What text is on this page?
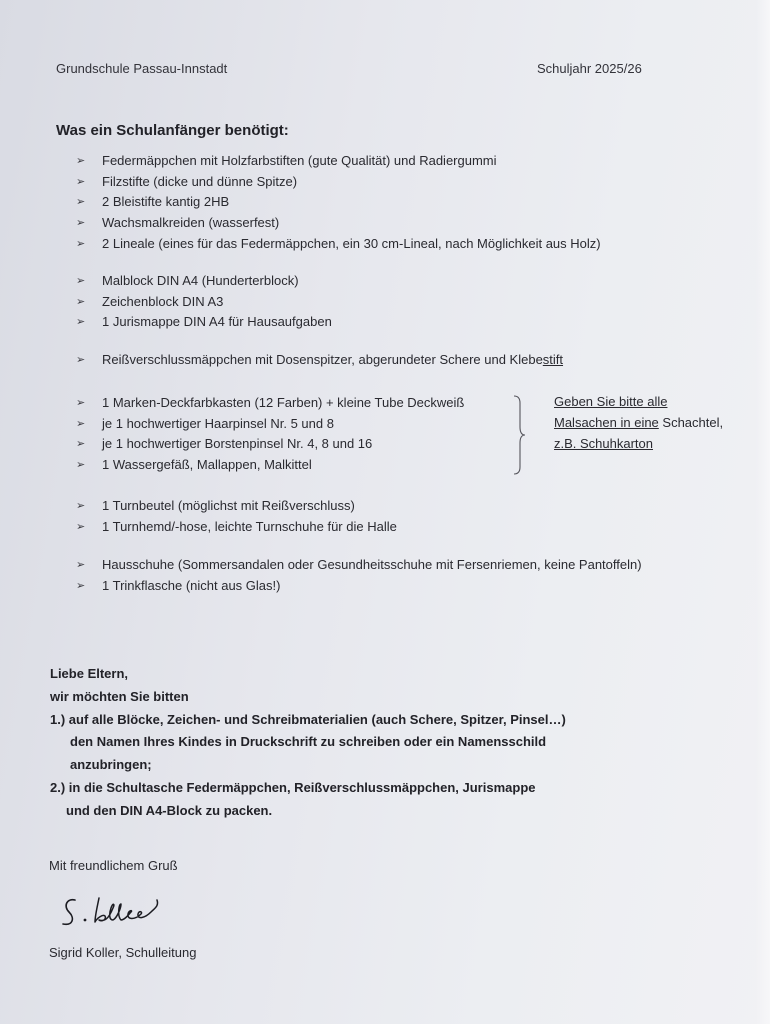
Grundschule Passau-Innstadt	Schuljahr 2025/26
Was ein Schulanfänger benötigt:
➢ Federmäppchen mit Holzfarbstiften (gute Qualität) und Radiergummi
➢ Filzstifte (dicke und dünne Spitze)
➢ 2 Bleistifte kantig 2HB
➢ Wachsmalkreiden (wasserfest)
➢ 2 Lineale (eines für das Federmäppchen, ein 30 cm-Lineal, nach Möglichkeit aus Holz)
➢ Malblock DIN A4 (Hunderterblock)
➢ Zeichenblock DIN A3
➢ 1 Jurismappe DIN A4 für Hausaufgaben
➢ Reißverschlussmäppchen mit Dosenspitzer, abgerundeter Schere und Klebestift
➢ 1 Marken-Deckfarbkasten (12 Farben) + kleine Tube Deckweiß
➢ je 1 hochwertiger Haarpinsel Nr. 5 und 8
➢ je 1 hochwertiger Borstenpinsel Nr. 4, 8 und 16
➢ 1 Wassergefäß, Mallappen, Malkittel
Geben Sie bitte alle
Malsachen in eine Schachtel,
z.B. Schuhkarton
➢ 1 Turnbeutel (möglichst mit Reißverschluss)
➢ 1 Turnhemd/-hose, leichte Turnschuhe für die Halle
➢ Hausschuhe (Sommersandalen oder Gesundheitsschuhe mit Fersenriemen, keine Pantoffeln)
➢ 1 Trinkflasche (nicht aus Glas!)
Liebe Eltern,
wir möchten Sie bitten
1.) auf alle Blöcke, Zeichen- und Schreibmaterialien (auch Schere, Spitzer, Pinsel…)
den Namen Ihres Kindes in Druckschrift zu schreiben oder ein Namensschild
anzubringen;
2.) in die Schultasche Federmäppchen, Reißverschlussmäppchen, Jurismappe
und den DIN A4-Block zu packen.
Mit freundlichem Gruß
Sigrid Koller, Schulleitung
